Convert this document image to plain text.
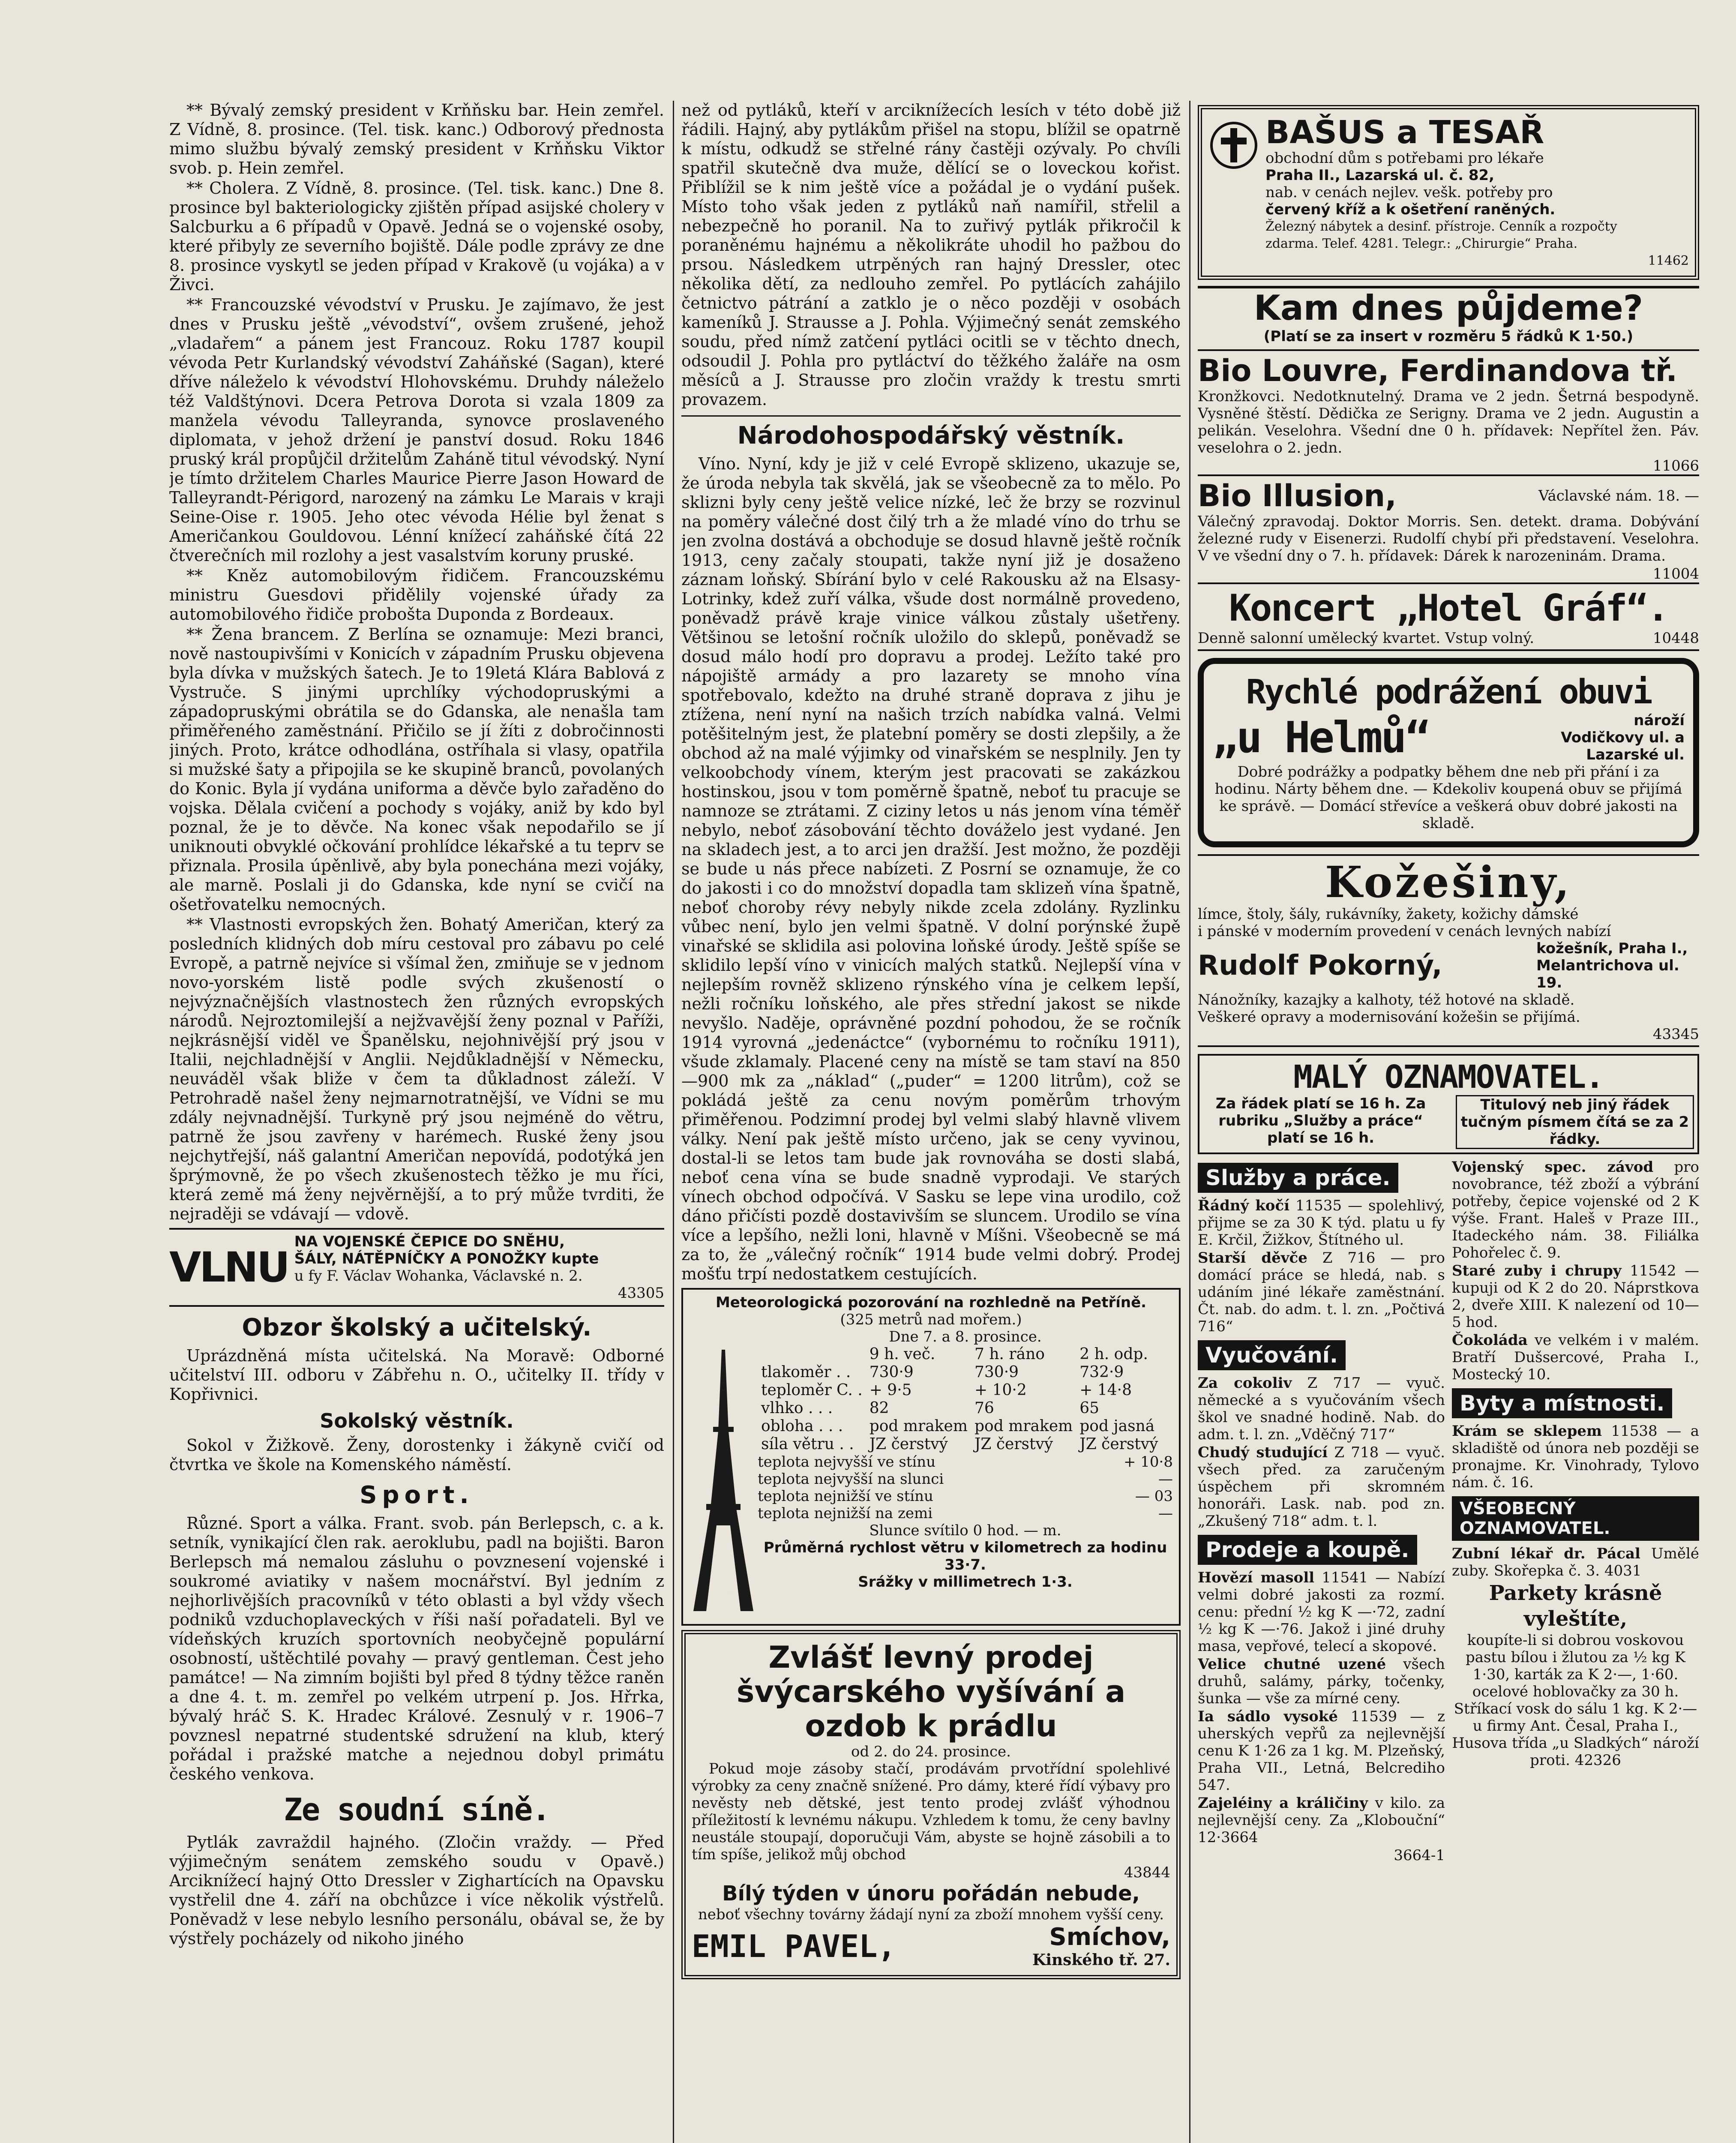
** Bývalý zemský president v Krňňsku bar. Hein zemřel. Z Vídně, 8. prosince. (Tel. tisk. kanc.) Odborový přednosta mimo službu bývalý zemský president v Krňňsku Viktor svob. p. Hein zemřel.

** Cholera. Z Vídně, 8. prosince. (Tel. tisk. kanc.) Dne 8. prosince byl bakteriologicky zjištěn případ asijské cholery v Salcburku a 6 případů v Opavě. Jedná se o vojenské osoby, které přibyly ze severního bojiště. Dále podle zprávy ze dne 8. prosince vyskytl se jeden případ v Krakově (u vojáka) a v Živci.

** Francouzské vévodství v Prusku. Je zajímavo, že jest dnes v Prusku ještě „vévodství“, ovšem zrušené, jehož „vladařem“ a pánem jest Francouz. Roku 1787 koupil vévoda Petr Kurlandský vévodství Zaháňské (Sagan), které dříve náleželo k vévodství Hlohovskému. Druhdy náleželo též Valdštýnovi. Dcera Petrova Dorota si vzala 1809 za manžela vévodu Talleyranda, synovce proslaveného diplomata, v jehož držení je panství dosud. Roku 1846 pruský král propůjčil držitelům Zaháně titul vévodský. Nyní je tímto držitelem Charles Maurice Pierre Jason Howard de Talleyrandt-Périgord, narozený na zámku Le Marais v kraji Seine-Oise r. 1905. Jeho otec vévoda Hélie byl ženat s Američankou Gouldovou. Lénní knížecí zaháňské čítá 22 čtverečních mil rozlohy a jest vasalstvím koruny pruské.

** Kněz automobilovým řidičem. Francouzskému ministru Guesdovi přidělily vojenské úřady za automobilového řidiče probošta Duponda z Bordeaux.

** Žena brancem. Z Berlína se oznamuje: Mezi branci, nově nastoupivšími v Konicích v západním Prusku objevena byla dívka v mužských šatech. Je to 19letá Klára Bablová z Vystruče. S jinými uprchlíky východopruskými a západopruskými obrátila se do Gdanska, ale nenašla tam přiměřeného zaměstnání. Přičilo se jí žíti z dobročinnosti jiných. Proto, krátce odhodlána, ostříhala si vlasy, opatřila si mužské šaty a připojila se ke skupině branců, povolaných do Konic. Byla jí vydána uniforma a děvče bylo zařaděno do vojska. Dělala cvičení a pochody s vojáky, aniž by kdo byl poznal, že je to děvče. Na konec však nepodařilo se jí uniknouti obvyklé očkování prohlídce lékařské a tu teprv se přiznala. Prosila úpěnlivě, aby byla ponechána mezi vojáky, ale marně. Poslali ji do Gdanska, kde nyní se cvičí na ošetřovatelku nemocných.

** Vlastnosti evropských žen. Bohatý Američan, který za posledních klidných dob míru cestoval pro zábavu po celé Evropě, a patrně nejvíce si všímal žen, zmiňuje se v jednom novo-yorském listě podle svých zkušeností o nejvýznačnějších vlastnostech žen různých evropských národů. Nejroztomilejší a nejžvavější ženy poznal v Paříži, nejkrásnější viděl ve Španělsku, nejohnivější prý jsou v Italii, nejchladnější v Anglii. Nejdůkladnější v Německu, neuváděl však bliže v čem ta důkladnost záleží. V Petrohradě našel ženy nejmarnotratnější, ve Vídni se mu zdály nejvnadnější. Turkyně prý jsou nejméně do větru, patrně že jsou zavřeny v harémech. Ruské ženy jsou nejchytřejší, náš galantní Američan nepovídá, podotýká jen šprýmovně, že po všech zkušenostech těžko je mu říci, která země má ženy nejvěrnější, a to prý může tvrditi, že nejraději se vdávají — vdově.

VLNU
NA VOJENSKÉ ČEPICE DO SNĚHU,
ŠÁLY, NÁTĚPNÍČKY A PONOŽKY kupte
u fy F. Václav Wohanka, Václavské n. 2.
43305
Obzor školský a učitelský.

Uprázdněná místa učitelská. Na Moravě: Odborné učitelství III. odboru v Zábřehu n. O., učitelky II. třídy v Kopřivnici.

Sokolský věstník.

Sokol v Žižkově. Ženy, dorostenky i žákyně cvičí od čtvrtka ve škole na Komenského náměstí.

Sport.

Různé. Sport a válka. Frant. svob. pán Berlepsch, c. a k. setník, vynikající člen rak. aeroklubu, padl na bojišti. Baron Berlepsch má nemalou zásluhu o povznesení vojenské i soukromé aviatiky v našem mocnářství. Byl jedním z nejhorlivějších pracovníků v této oblasti a byl vždy všech podniků vzduchoplaveckých v říši naší pořadateli. Byl ve vídeňských kruzích sportovních neobyčejně populární osobností, uštěchtilé povahy — pravý gentleman. Čest jeho památce! — Na zimním bojišti byl před 8 týdny těžce raněn a dne 4. t. m. zemřel po velkém utrpení p. Jos. Hřrka, bývalý hráč S. K. Hradec Králové. Zesnulý v r. 1906–7 povznesl nepatrné studentské sdružení na klub, který pořádal i pražské matche a nejednou dobyl primátu českého venkova.

Ze soudní síně.

Pytlák zavraždil hajného. (Zločin vraždy. — Před výjimečným senátem zemského soudu v Opavě.) Arciknížecí hajný Otto Dressler v Zighartících na Opavsku vystřelil dne 4. září na obchůzce i více několik výstřelů. Poněvadž v lese nebylo lesního personálu, obával se, že by výstřely pocházely od nikoho jiného

než od pytláků, kteří v arciknížecích lesích v této době již řádili. Hajný, aby pytlákům přišel na stopu, blížil se opatrně k místu, odkudž se střelné rány častěji ozývaly. Po chvíli spatřil skutečně dva muže, dělící se o loveckou kořist. Přiblížil se k nim ještě více a požádal je o vydání pušek. Místo toho však jeden z pytláků naň namířil, střelil a nebezpečně ho poranil. Na to zuřivý pytlák přikročil k poraněnému hajnému a několikráte uhodil ho pažbou do prsou. Následkem utrpěných ran hajný Dressler, otec několika dětí, za nedlouho zemřel. Po pytlácích zahájilo četnictvo pátrání a zatklo je o něco později v osobách kameníků J. Strausse a J. Pohla. Výjimečný senát zemského soudu, před nímž zatčení pytláci ocitli se v těchto dnech, odsoudil J. Pohla pro pytláctví do těžkého žaláře na osm měsíců a J. Strausse pro zločin vraždy k trestu smrti provazem.

Národohospodářský věstník.

Víno. Nyní, kdy je již v celé Evropě sklizeno, ukazuje se, že úroda nebyla tak skvělá, jak se všeobecně za to mělo. Po sklizni byly ceny ještě velice nízké, leč že brzy se rozvinul na poměry válečné dost čilý trh a že mladé víno do trhu se jen zvolna dostává a obchoduje se dosud hlavně ještě ročník 1913, ceny začaly stoupati, takže nyní již je dosaženo záznam loňský. Sbírání bylo v celé Rakousku až na Elsasy-Lotrinky, kdež zuří válka, všude dost normálně provedeno, poněvadž právě kraje vinice válkou zůstaly ušetřeny. Většinou se letošní ročník uložilo do sklepů, poněvadž se dosud málo hodí pro dopravu a prodej. Ležíto také pro nápojiště armády a pro lazarety se mnoho vína spotřebovalo, kdežto na druhé straně doprava z jihu je ztížena, není nyní na našich trzích nabídka valná. Velmi potěšitelným jest, že platební poměry se dosti zlepšily, a že obchod až na malé výjimky od vinařském se nesplnily. Jen ty velkoobchody vínem, kterým jest pracovati se zakázkou hostinskou, jsou v tom poměrně špatně, neboť tu pracuje se namnoze se ztrátami. Z ciziny letos u nás jenom vína téměř nebylo, neboť zásobování těchto dováželo jest vydané. Jen na skladech jest, a to arci jen dražší. Jest možno, že později se bude u nás přece nabízeti. Z Posrní se oznamuje, že co do jakosti i co do množství dopadla tam sklizeň vína špatně, neboť choroby révy nebyly nikde zcela zdolány. Ryzlinku vůbec není, bylo jen velmi špatně. V dolní porýnské župě vinařské se sklidila asi polovina loňské úrody. Ještě spíše se sklidilo lepší víno v vinicích malých statků. Nejlepší vína v nejlepším rovněž sklizeno rýnského vína je celkem lepší, nežli ročníku loňského, ale přes střední jakost se nikde nevyšlo. Naděje, oprávněné pozdní pohodou, že se ročník 1914 vyrovná „jedenáctce“ (vybornému to ročníku 1911), všude zklamaly. Placené ceny na místě se tam staví na 850—900 mk za „náklad“ („puder“ = 1200 litrům), což se pokládá ještě za cenu novým poměrům trhovým přiměřenou. Podzimní prodej byl velmi slabý hlavně vlivem války. Není pak ještě místo určeno, jak se ceny vyvinou, dostal-li se letos tam bude jak rovnováha se dosti slabá, neboť cena vína se bude snadně vyprodaji. Ve starých vínech obchod odpočívá. V Sasku se lepe vina urodilo, což dáno přičísti pozdě dostavivším se sluncem. Urodilo se vína více a lepšího, nežli loni, hlavně v Míšni. Všeobecně se má za to, že „válečný ročník“ 1914 bude velmi dobrý. Prodej mošťu trpí nedostatkem cestujících.

Meteorologická pozorování na rozhledně na Petříně.
(325 metrů nad mořem.)
Dne 7. a 8. prosince.
	9 h. več.	7 h. ráno	2 h. odp.
tlakoměr . .	730·9	730·9	732·9
teploměr C. .	+ 9·5	+ 10·2	+ 14·8
vlhko . . .	82	76	65
obloha . . .	pod mrakem	pod mrakem	pod jasná
síla větru . .	JZ čerstvý	JZ čerstvý	JZ čerstvý
teplota nejvyšší ve stínu	+ 10·8
teplota nejvyšší na slunci	—
teplota nejnižší ve stínu	— 03
teplota nejnižší na zemi	—
Slunce svítilo 0 hod. — m.
Průměrná rychlost větru v kilometrech za hodinu 33·7.
Srážky v millimetrech 1·3.
Zvlášť levný prodej švýcarského vyšívání a ozdob k prádlu
od 2. do 24. prosince.

Pokud moje zásoby stačí, prodávám prvotřídní spolehlivé výrobky za ceny značně snížené. Pro dámy, které řídí výbavy pro nevěsty neb dětské, jest tento prodej zvlášť výhodnou příležitostí k levnému nákupu. Vzhledem k tomu, že ceny bavlny neustále stoupají, doporučuji Vám, abyste se hojně zásobili a to tím spíše, jelikož můj obchod

43844
Bílý týden v únoru pořádán nebude,
neboť všechny továrny žádají nyní za zboží mnohem vyšší ceny.
EMIL PAVEL,	Smíchov,
Kinského tř. 27.
BAŠUS a TESAŘ
obchodní dům s potřebami pro lékaře
Praha II., Lazarská ul. č. 82,
nab. v cenách nejlev. vešk. potřeby pro
červený kříž a k ošetření raněných.
Železný nábytek a desinf. přístroje. Cenník a rozpočty
zdarma. Telef. 4281. Telegr.: „Chirurgie“ Praha.
11462
Kam dnes půjdeme?
(Platí se za insert v rozměru 5 řádků K 1·50.)
Bio Louvre, Ferdinandova tř.

Kronžkovci. Nedotknutelný. Drama ve 2 jedn. Šetrná bespodyně. Vysněné štěstí. Dědička ze Serigny. Drama ve 2 jedn. Augustin a pelikán. Veselohra. Všední dne 0 h. přídavek: Nepřítel žen. Páv. veselohra o 2. jedn.

11066
Bio Illusion,	Václavské nám. 18. —

Válečný zpravodaj. Doktor Morris. Sen. detekt. drama. Dobývání železné rudy v Eisenerzi. Rudolfí chybí při představení. Veselohra. V ve všední dny o 7. h. přídavek: Dárek k narozeninám. Drama.

11004
Koncert „Hotel Gráf“.
Denně salonní umělecký kvartet. Vstup volný.	10448
Rychlé podrážení obuvi
„u Helmů“	nároží Vodičkovy ul. a Lazarské ul.

Dobré podrážky a podpatky během dne neb při přání i za hodinu. Nárty během dne. — Kdekoliv koupená obuv se přijímá ke správě. — Domácí střevíce a veškerá obuv dobré jakosti na skladě.

Kožešiny,
límce, štoly, šály, rukávníky, žakety, kožichy dámské
i pánské v moderním provedení v cenách levných nabízí
Rudolf Pokorný,
kožešník, Praha I., Melantrichova ul. 19.
Nánožníky, kazajky a kalhoty, též hotové na skladě.
Veškeré opravy a modernisování kožešin se přijímá.
43345
MALÝ OZNAMOVATEL.
Za řádek platí se 16 h. Za rubriku „Služby a práce“ platí se 16 h.
Titulový neb jiný řádek tučným písmem čítá se za 2 řádky.
Služby a práce.

Řádný kočí 11535 — spolehlivý, přijme se za 30 K týd. platu u fy E. Krčil, Žižkov, Štítného ul.

Starší děvče Z 716 — pro domácí práce se hledá, nab. s udáním jiné lékaře zaměstnání. Čt. nab. do adm. t. l. zn. „Počtivá 716“

Vyučování.

Za cokoliv Z 717 — vyuč. německé a s vyučováním všech škol ve snadné hodině. Nab. do adm. t. l. zn. „Vděčný 717“

Chudý studující Z 718 — vyuč. všech před. za zaručeným úspěchem při skromném honoráři. Lask. nab. pod zn. „Zkušený 718“ adm. t. l.

Prodeje a koupě.

Hovězí masoll 11541 — Nabízí velmi dobré jakosti za rozmí. cenu: přední ½ kg K —·72, zadní ½ kg K —·76. Jakož i jiné druhy masa, vepřové, telecí a skopové.

Velice chutné uzené všech druhů, salámy, párky, točenky, šunka — vše za mírné ceny.

Ia sádlo vysoké 11539 — z uherských vepřů za nejlevnější cenu K 1·26 za 1 kg. M. Plzeňský, Praha VII., Letná, Belcrediho 547.

Zajeléiny a králičiny v kilo. za nejlevnější ceny. Za „Klobouční“ 12·3664

3664-1

Vojenský spec. závod pro novobrance, též zboží a výbrání potřeby, čepice vojenské od 2 K výše. Frant. Haleš v Praze III., Itadeckého nám. 38. Filiálka Pohořelec č. 9.

Staré zuby i chrupy 11542 — kupuji od K 2 do 20. Náprstkova 2, dveře XIII. K nalezení od 10—5 hod.

Čokoláda ve velkém i v malém. Bratří Dušsercové, Praha I., Mostecký 10.

Byty a místnosti.

Krám se sklepem 11538 — a skladiště od února neb později se pronajme. Kr. Vinohrady, Tylovo nám. č. 16.

VŠEOBECNÝ OZNAMOVATEL.

Zubní lékař dr. Pácal Umělé zuby. Skořepka č. 3. 4031

Parkety krásně vyleštíte,
koupíte-li si dobrou voskovou pastu bílou i žlutou za ½ kg K 1·30, karták za K 2·—, 1·60. ocelové hoblovačky za 30 h. Stříkací vosk do sálu 1 kg. K 2·— u firmy Ant. Česal, Praha I., Husova třída „u Sladkých“ nároží proti. 42326
